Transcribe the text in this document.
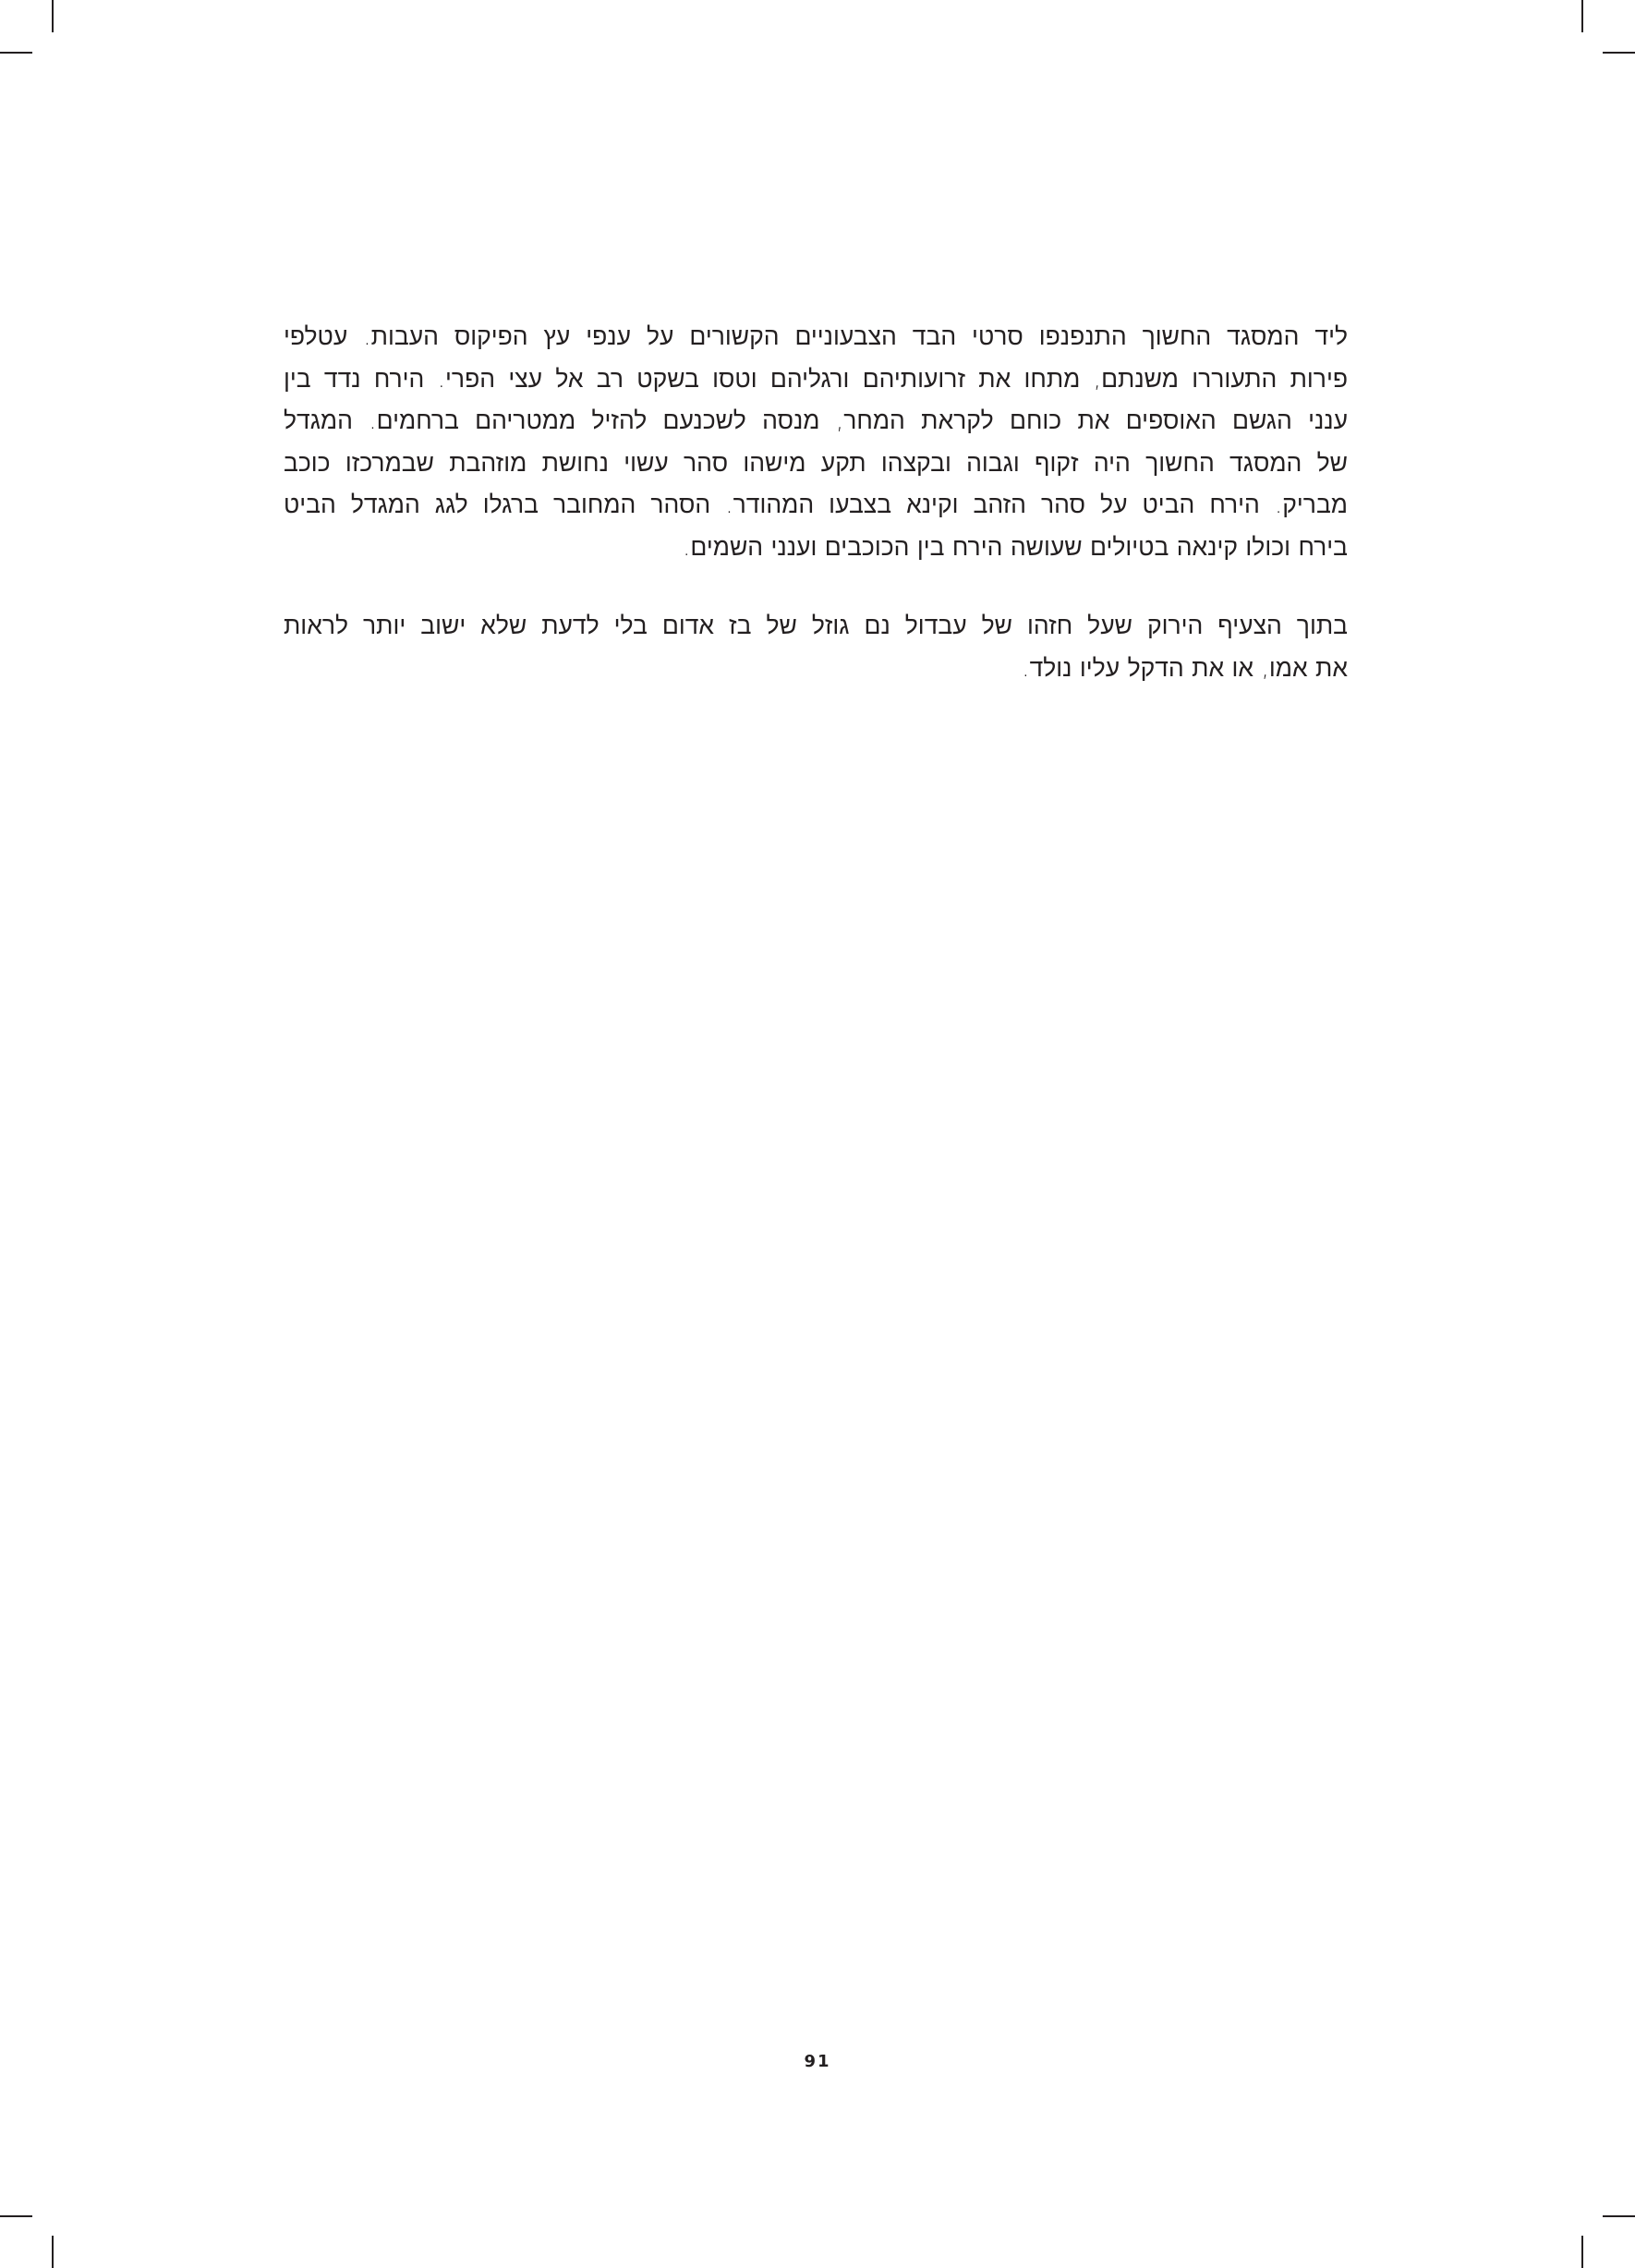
ליד המסגד החשוך התנפנפו סרטי הבד הצבעוניים הקשורים על ענפי עץ הפיקוס העבות. עטלפי
פירות התעוררו משנתם, מתחו את זרועותיהם ורגליהם וטסו בשקט רב אל עצי הפרי. הירח נדד בין
ענני הגשם האוספים את כוחם לקראת המחר, מנסה לשכנעם להזיל ממטריהם ברחמים. המגדל
של המסגד החשוך היה זקוף וגבוה ובקצהו תקע מישהו סהר עשוי נחושת מוזהבת שבמרכזו כוכב
מבריק. הירח הביט על סהר הזהב וקינא בצבעו המהודר. הסהר המחובר ברגלו לגג המגדל הביט
בירח וכולו קינאה בטיולים שעושה הירח בין הכוכבים וענני השמים.
בתוך הצעיף הירוק שעל חזהו של עבדול נם גוזל של בז אדום בלי לדעת שלא ישוב יותר לראות
את אמו, או את הדקל עליו נולד.
91
